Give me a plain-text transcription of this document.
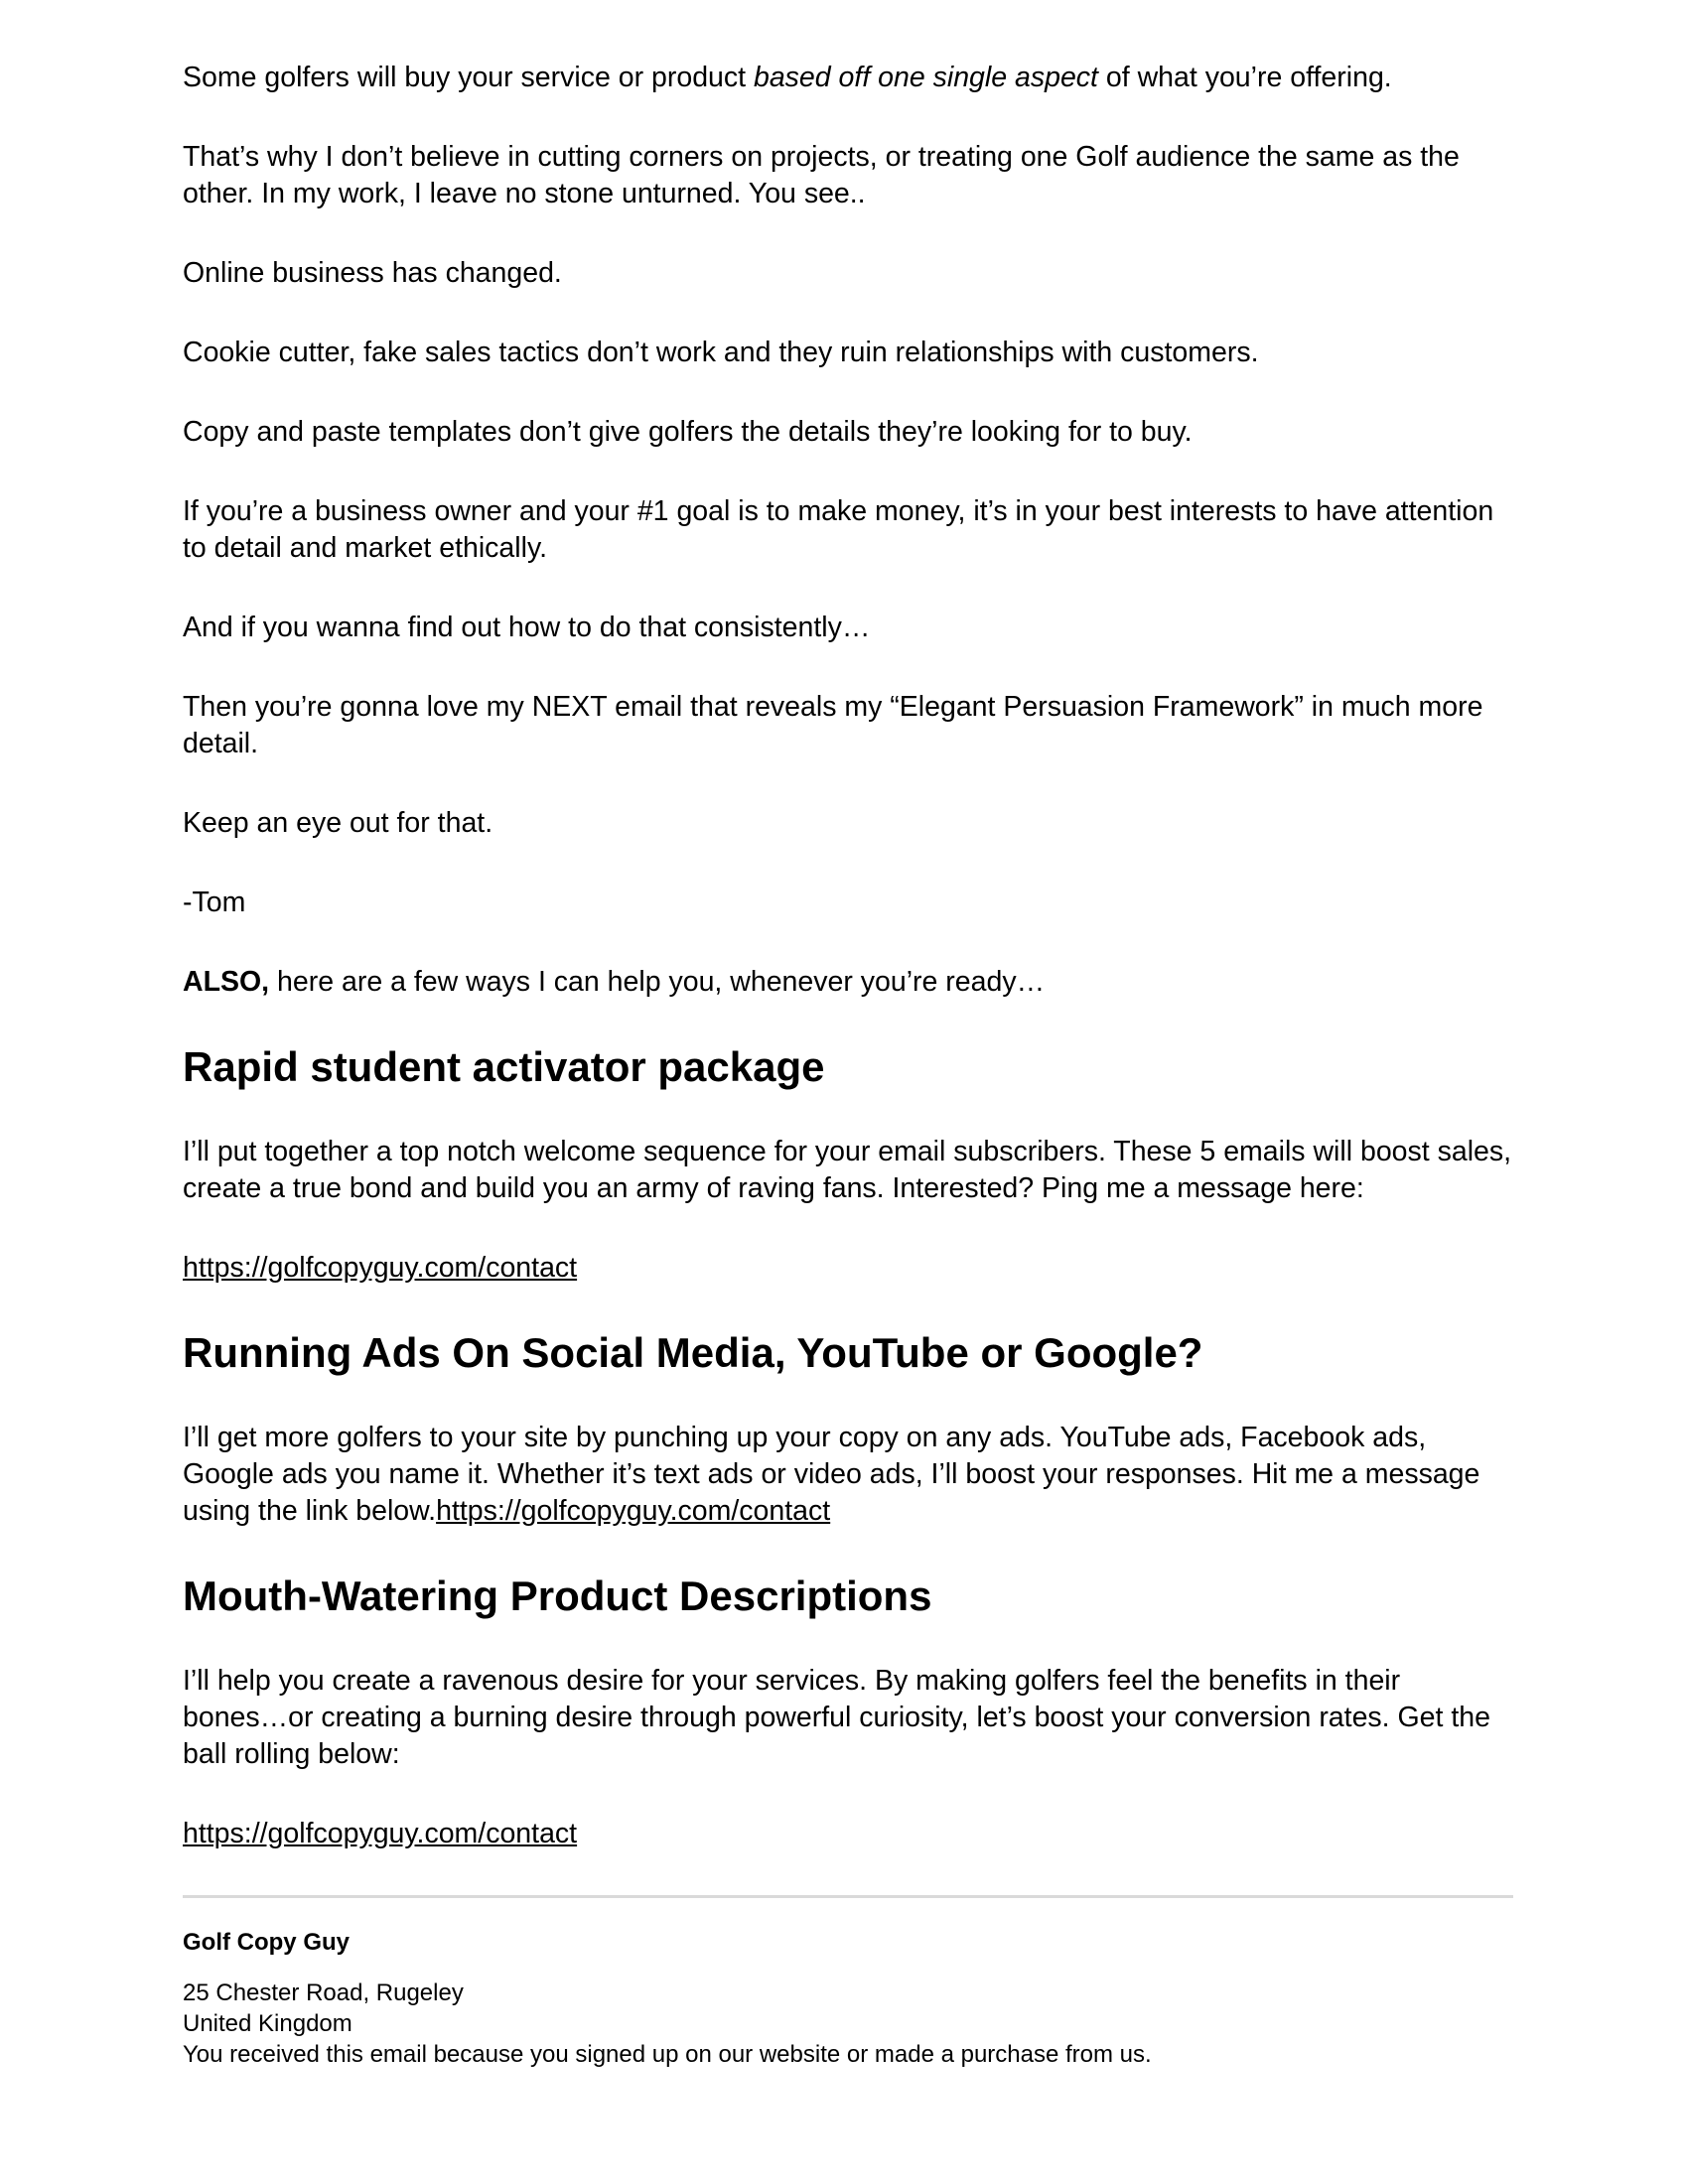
Some golfers will buy your service or product based off one single aspect of what you’re offering.

That’s why I don’t believe in cutting corners on projects, or treating one Golf audience the same as the other. In my work, I leave no stone unturned. You see..

Online business has changed.

Cookie cutter, fake sales tactics don’t work and they ruin relationships with customers.

Copy and paste templates don’t give golfers the details they’re looking for to buy.

If you’re a business owner and your #1 goal is to make money, it’s in your best interests to have attention to detail and market ethically.

And if you wanna find out how to do that consistently…

Then you’re gonna love my NEXT email that reveals my “Elegant Persuasion Framework” in much more detail.

Keep an eye out for that.

-Tom

ALSO, here are a few ways I can help you, whenever you’re ready…

Rapid student activator package

I’ll put together a top notch welcome sequence for your email subscribers. These 5 emails will boost sales, create a true bond and build you an army of raving fans. Interested? Ping me a message here:

https://golfcopyguy.com/contact

Running Ads On Social Media, YouTube or Google?

I’ll get more golfers to your site by punching up your copy on any ads. YouTube ads, Facebook ads, Google ads you name it. Whether it’s text ads or video ads, I’ll boost your responses. Hit me a message using the link below.https://golfcopyguy.com/contact

Mouth-Watering Product Descriptions

I’ll help you create a ravenous desire for your services. By making golfers feel the benefits in their bones…or creating a burning desire through powerful curiosity, let’s boost your conversion rates. Get the ball rolling below:

https://golfcopyguy.com/contact

Golf Copy Guy
25 Chester Road, Rugeley
United Kingdom
You received this email because you signed up on our website or made a purchase from us.
